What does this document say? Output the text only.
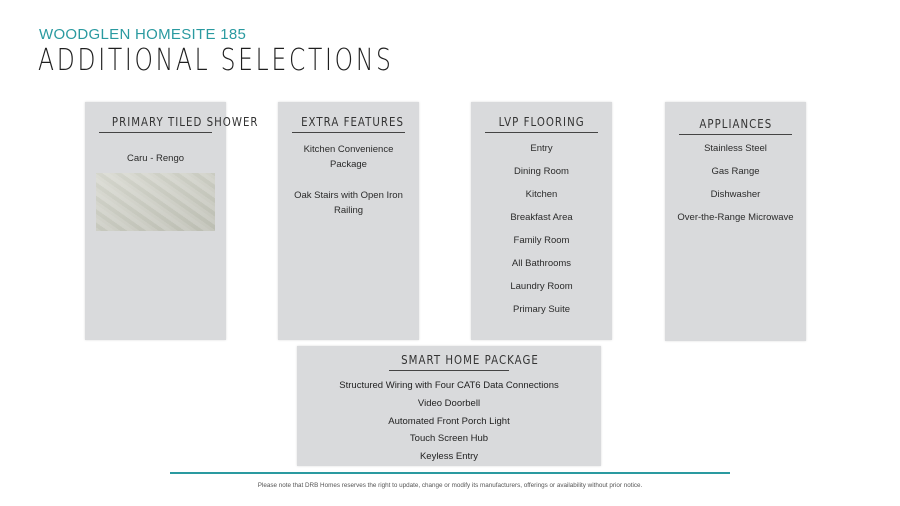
WOODGLEN HOMESITE 185
ADDITIONAL SELECTIONS
PRIMARY TILED SHOWER
Caru - Rengo
EXTRA FEATURES
Kitchen Convenience Package
Oak Stairs with Open Iron Railing
LVP FLOORING
Entry
Dining Room
Kitchen
Breakfast Area
Family Room
All Bathrooms
Laundry Room
Primary Suite
APPLIANCES
Stainless Steel
Gas Range
Dishwasher
Over-the-Range Microwave
SMART HOME PACKAGE
Structured Wiring with Four CAT6 Data Connections
Video Doorbell
Automated Front Porch Light
Touch Screen Hub
Keyless Entry
Please note that DRB Homes reserves the right to update, change or modify its manufacturers, offerings or availability without prior notice.
